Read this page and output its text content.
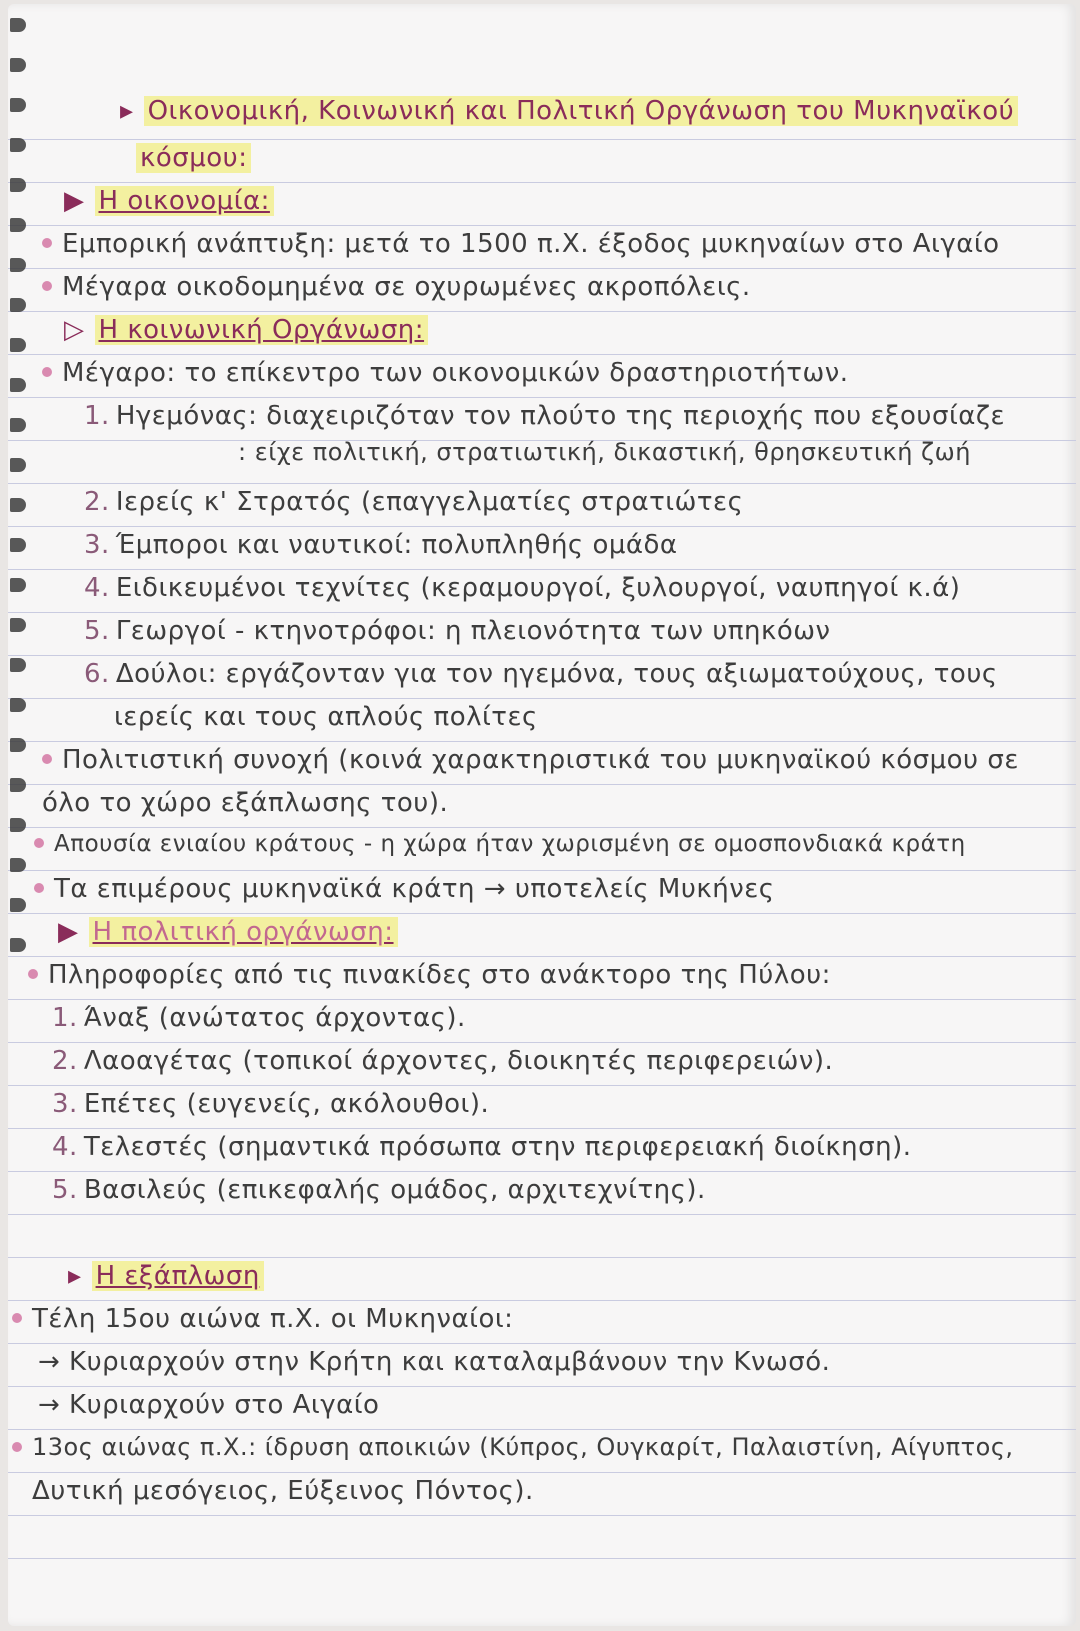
▸ Οικονομική, Κοινωνική και Πολιτική Οργάνωση του Μυκηναϊκού
κόσμου:
▶ Η οικονομία:
Εμπορική ανάπτυξη: μετά το 1500 π.Χ. έξοδος μυκηναίων στο Αιγαίο
Μέγαρα οικοδομημένα σε οχυρωμένες ακροπόλεις.
▷ Η κοινωνική Οργάνωση:
Μέγαρο: το επίκεντρο των οικονομικών δραστηριοτήτων.
1. Ηγεμόνας: διαχειριζόταν τον πλούτο της περιοχής που εξουσίαζε
: είχε πολιτική, στρατιωτική, δικαστική, θρησκευτική ζωή
2. Ιερείς κ' Στρατός (επαγγελματίες στρατιώτες
3. Έμποροι και ναυτικοί: πολυπληθής ομάδα
4. Ειδικευμένοι τεχνίτες (κεραμουργοί, ξυλουργοί, ναυπηγοί κ.ά)
5. Γεωργοί - κτηνοτρόφοι: η πλειονότητα των υπηκόων
6. Δούλοι: εργάζονταν για τον ηγεμόνα, τους αξιωματούχους, τους
ιερείς και τους απλούς πολίτες
Πολιτιστική συνοχή (κοινά χαρακτηριστικά του μυκηναϊκού κόσμου σε
όλο το χώρο εξάπλωσης του).
Απουσία ενιαίου κράτους - η χώρα ήταν χωρισμένη σε ομοσπονδιακά κράτη
Τα επιμέρους μυκηναϊκά κράτη → υποτελείς Μυκήνες
▶ Η πολιτική οργάνωση:
Πληροφορίες από τις πινακίδες στο ανάκτορο της Πύλου:
1. Άναξ (ανώτατος άρχοντας).
2. Λαοαγέτας (τοπικοί άρχοντες, διοικητές περιφερειών).
3. Επέτες (ευγενείς, ακόλουθοι).
4. Τελεστές (σημαντικά πρόσωπα στην περιφερειακή διοίκηση).
5. Βασιλεύς (επικεφαλής ομάδος, αρχιτεχνίτης).
▸ Η εξάπλωση
Τέλη 15ου αιώνα π.Χ. οι Μυκηναίοι:
→ Κυριαρχούν στην Κρήτη και καταλαμβάνουν την Κνωσό.
→ Κυριαρχούν στο Αιγαίο
13ος αιώνας π.Χ.: ίδρυση αποικιών (Κύπρος, Ουγκαρίτ, Παλαιστίνη, Αίγυπτος,
Δυτική μεσόγειος, Εύξεινος Πόντος).
